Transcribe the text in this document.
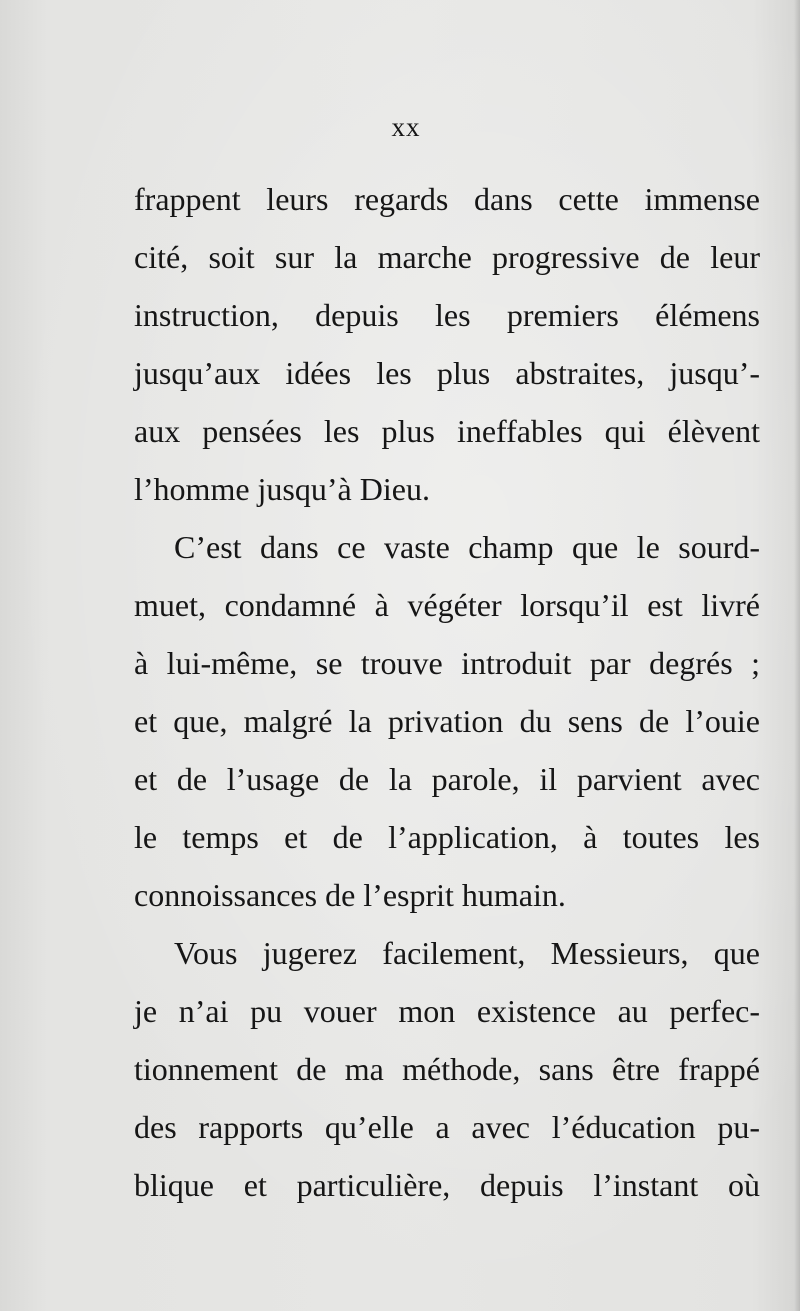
xx
frappent leurs regards dans cette immense
cité, soit sur la marche progressive de leur
instruction, depuis les premiers élémens
jusqu’aux idées les plus abstraites, jusqu’-
aux pensées les plus ineffables qui élèvent
l’homme jusqu’à Dieu.
C’est dans ce vaste champ que le sourd-
muet, condamné à végéter lorsqu’il est livré
à lui-même, se trouve introduit par degrés ;
et que, malgré la privation du sens de l’ouie
et de l’usage de la parole, il parvient avec
le temps et de l’application, à toutes les
connoissances de l’esprit humain.
Vous jugerez facilement, Messieurs, que
je n’ai pu vouer mon existence au perfec-
tionnement de ma méthode, sans être frappé
des rapports qu’elle a avec l’éducation pu-
blique et particulière, depuis l’instant où
